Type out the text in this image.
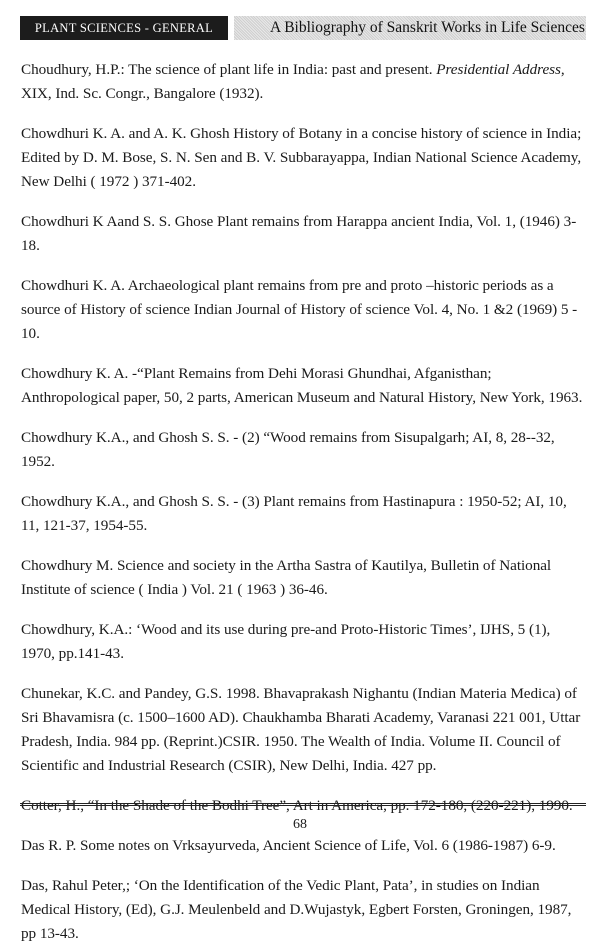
PLANT SCIENCES - GENERAL	A Bibliography of Sanskrit Works in Life Sciences

Choudhury, H.P.: The science of plant life in India: past and present. Presidential Address, XIX, Ind. Sc. Congr., Bangalore (1932).

Chowdhuri K. A. and A. K. Ghosh History of Botany in a concise history of science in India; Edited by D. M. Bose, S. N. Sen and B. V. Subbarayappa, Indian National Science Academy, New Delhi ( 1972 ) 371-402.

Chowdhuri K Aand S. S. Ghose Plant remains from Harappa ancient India, Vol. 1, (1946) 3-18.

Chowdhuri K. A. Archaeological plant remains from pre and proto –historic periods as a source of History of science Indian Journal of History of science Vol. 4, No. 1 &2 (1969) 5 - 10.

Chowdhury K. A. -“Plant Remains from Dehi Morasi Ghundhai, Afganisthan; Anthropological paper, 50, 2 parts, American Museum and Natural History, New York, 1963.

Chowdhury K.A., and Ghosh S. S. - (2) “Wood remains from Sisupalgarh; AI, 8, 28--32, 1952.

Chowdhury K.A., and Ghosh S. S. - (3) Plant remains from Hastinapura : 1950-52; AI, 10, 11, 121-37, 1954-55.

Chowdhury M. Science and society in the Artha Sastra of Kautilya, Bulletin of National Institute of science ( India ) Vol. 21 ( 1963 ) 36-46.

Chowdhury, K.A.: ‘Wood and its use during pre-and Proto-Historic Times’, IJHS, 5 (1), 1970, pp.141-43.

Chunekar, K.C. and Pandey, G.S. 1998. Bhavaprakash Nighantu (Indian Materia Medica) of Sri Bhavamisra (c. 1500–1600 AD). Chaukhamba Bharati Academy, Varanasi 221 001, Uttar Pradesh, India. 984 pp. (Reprint.)CSIR. 1950. The Wealth of India. Volume II. Council of Scientific and Industrial Research (CSIR), New Delhi, India. 427 pp.

Cotter, H., “In the Shade of the Bodhi Tree”, Art in America, pp. 172-180, (220-221), 1990.

Das R. P. Some notes on Vrksayurveda, Ancient Science of Life, Vol. 6 (1986-1987) 6-9.

Das, Rahul Peter,; ‘On the Identification of the Vedic Plant, Pata’, in studies on Indian Medical History, (Ed), G.J. Meulenbeld and D.Wujastyk, Egbert Forsten, Groningen, 1987, pp 13-43.

68
